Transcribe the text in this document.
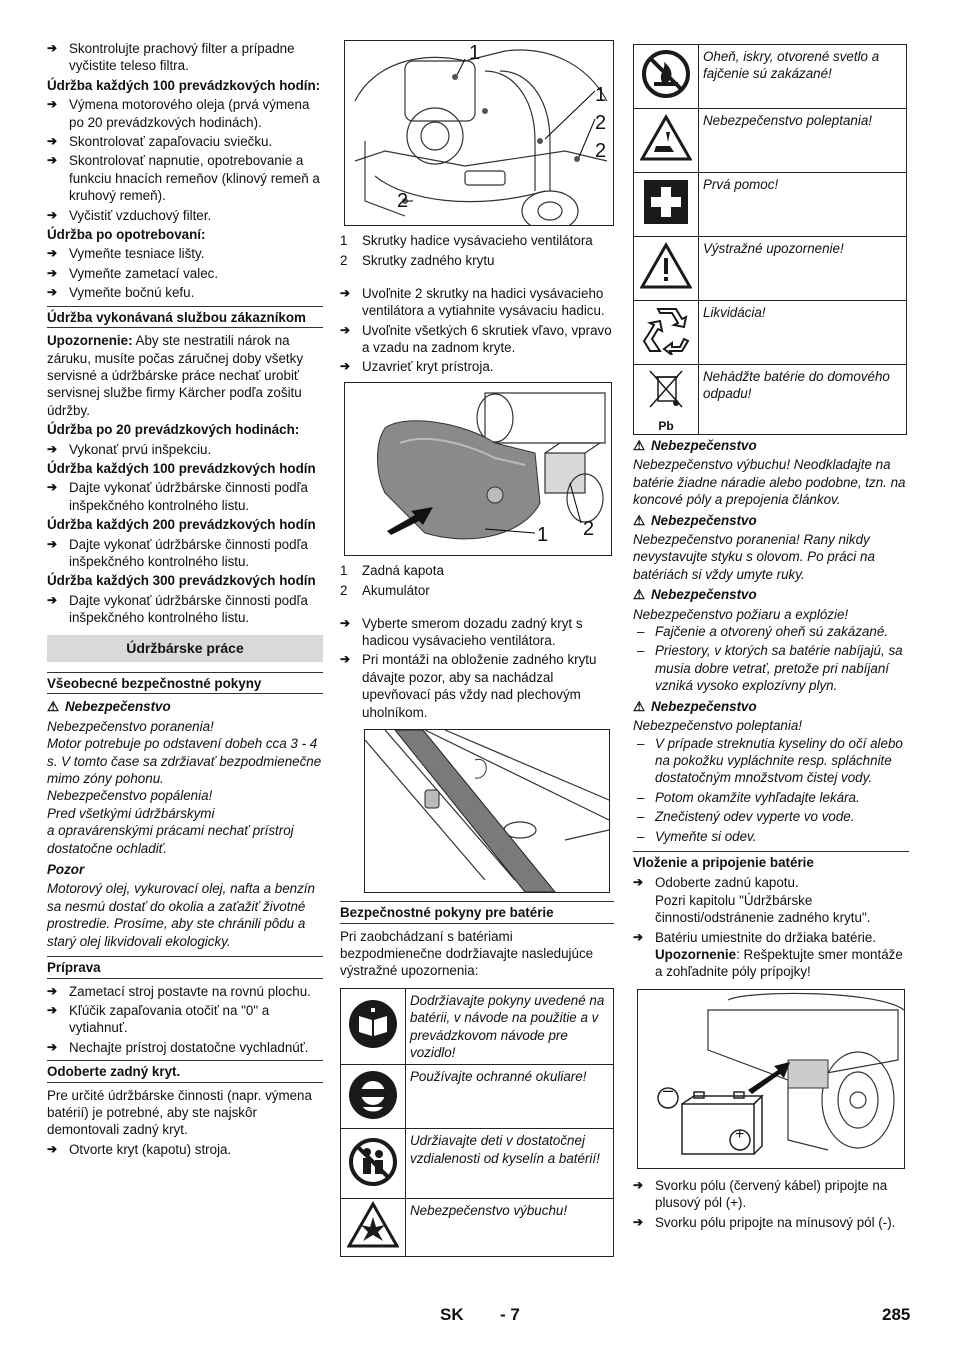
➔ Skontrolujte prachový filter a prípadne vyčistite teleso filtra.
Údržba každých 100 prevádzkových hodín:
➔ Výmena motorového oleja (prvá výmena po 20 prevádzkových hodinách).
➔ Skontrolovať zapaľovaciu sviečku.
➔ Skontrolovať napnutie, opotrebovanie a funkciu hnacích remeňov (klinový remeň a kruhový remeň).
➔ Vyčistiť vzduchový filter.
Údržba po opotrebovaní:
➔ Vymeňte tesniace lišty.
➔ Vymeňte zametací valec.
➔ Vymeňte bočnú kefu.
Údržba vykonávaná službou zákazníkom

Upozornenie: Aby ste nestratili nárok na záruku, musíte počas záručnej doby všetky servisné a údržbárske práce nechať urobiť servisnej službe firmy Kärcher podľa zošitu údržby.

Údržba po 20 prevádzkových hodinách:
➔ Vykonať prvú inšpekciu.
Údržba každých 100 prevádzkových hodín
➔ Dajte vykonať údržbárske činnosti podľa inšpekčného kontrolného listu.
Údržba každých 200 prevádzkových hodín
➔ Dajte vykonať údržbárske činnosti podľa inšpekčného kontrolného listu.
Údržba každých 300 prevádzkových hodín
➔ Dajte vykonať údržbárske činnosti podľa inšpekčného kontrolného listu.
Údržbárske práce
Všeobecné bezpečnostné pokyny
⚠ Nebezpečenstvo

Nebezpečenstvo poranenia!

Motor potrebuje po odstavení dobeh cca 3 - 4 s. V tomto čase sa zdržiavať bezpodmienečne mimo zóny pohonu.

Nebezpečenstvo popálenia!

Pred všetkými údržbárskymi

a opravárenskými prácami nechať prístroj dostatočne ochladiť.

Pozor

Motorový olej, vykurovací olej, nafta a benzín sa nesmú dostať do okolia a zaťažiť životné prostredie. Prosíme, aby ste chránili pôdu a starý olej likvidovali ekologicky.

Príprava
➔ Zametací stroj postavte na rovnú plochu.
➔ Kľúčik zapaľovania otočiť na "0" a vytiahnuť.
➔ Nechajte prístroj dostatočne vychladnúť.
Odoberte zadný kryt.

Pre určité údržbárske činnosti (napr. výmena batérií) je potrebné, aby ste najskôr demontovali zadný kryt.

➔ Otvorte kryt (kapotu) stroja.
1
1
2
2
2
1 Skrutky hadice vysávacieho ventilátora
2 Skrutky zadného krytu
➔ Uvoľnite 2 skrutky na hadici vysávacieho ventilátora a vytiahnite vysávaciu hadicu.
➔ Uvoľnite všetkých 6 skrutiek vľavo, vpravo a vzadu na zadnom kryte.
➔ Uzavrieť kryt prístroja.
1 2
1 Zadná kapota
2 Akumulátor
➔ Vyberte smerom dozadu zadný kryt s hadicou vysávacieho ventilátora.
➔ Pri montáži na obloženie zadného krytu dávajte pozor, aby sa nachádzal upevňovací pás vždy nad plechovým uholníkom.
Bezpečnostné pokyny pre batérie

Pri zaobchádzaní s batériami bezpodmienečne dodržiavajte nasledujúce výstražné upozornenia:

	Dodržiavajte pokyny uvedené na batérii, v návode na použitie a v prevádzkovom návode pre vozidlo!
	Používajte ochranné okuliare!
	Udržiavajte deti v dostatočnej vzdialenosti od kyselín a batérií!
	Nebezpečenstvo výbuchu!
	Oheň, iskry, otvorené svetlo a fajčenie sú zakázané!
	Nebezpečenstvo poleptania!
	Prvá pomoc!
	Výstražné upozornenie!
	Likvidácia!

Pb	Nehádžte batérie do domového odpadu!
⚠ Nebezpečenstvo

Nebezpečenstvo výbuchu! Neodkladajte na batérie žiadne náradie alebo podobne, tzn. na koncové póly a prepojenia článkov.

⚠ Nebezpečenstvo

Nebezpečenstvo poranenia! Rany nikdy nevystavujte styku s olovom. Po práci na batériách si vždy umyte ruky.

⚠ Nebezpečenstvo

Nebezpečenstvo požiaru a explózie!

– Fajčenie a otvorený oheň sú zakázané.
– Priestory, v ktorých sa batérie nabíjajú, sa musia dobre vetrať, pretože pri nabíjaní vzniká vysoko explozívny plyn.
⚠ Nebezpečenstvo

Nebezpečenstvo poleptania!

– V prípade streknutia kyseliny do očí alebo na pokožku vypláchnite resp. spláchnite dostatočným množstvom čistej vody.
– Potom okamžite vyhľadajte lekára.
– Znečistený odev vyperte vo vode.
– Vymeňte si odev.
Vloženie a pripojenie batérie
➔ Odoberte zadnú kapotu.
Pozri kapitolu "Údržbárske činnosti/odstránenie zadného krytu".
➔ Batériu umiestnite do držiaka batérie.
Upozornenie: Rešpektujte smer montáže a zohľadnite póly prípojky!
–
+
➔ Svorku pólu (červený kábel) pripojte na plusový pól (+).
➔ Svorku pólu pripojte na mínusový pól (-).
SK - 7	285
